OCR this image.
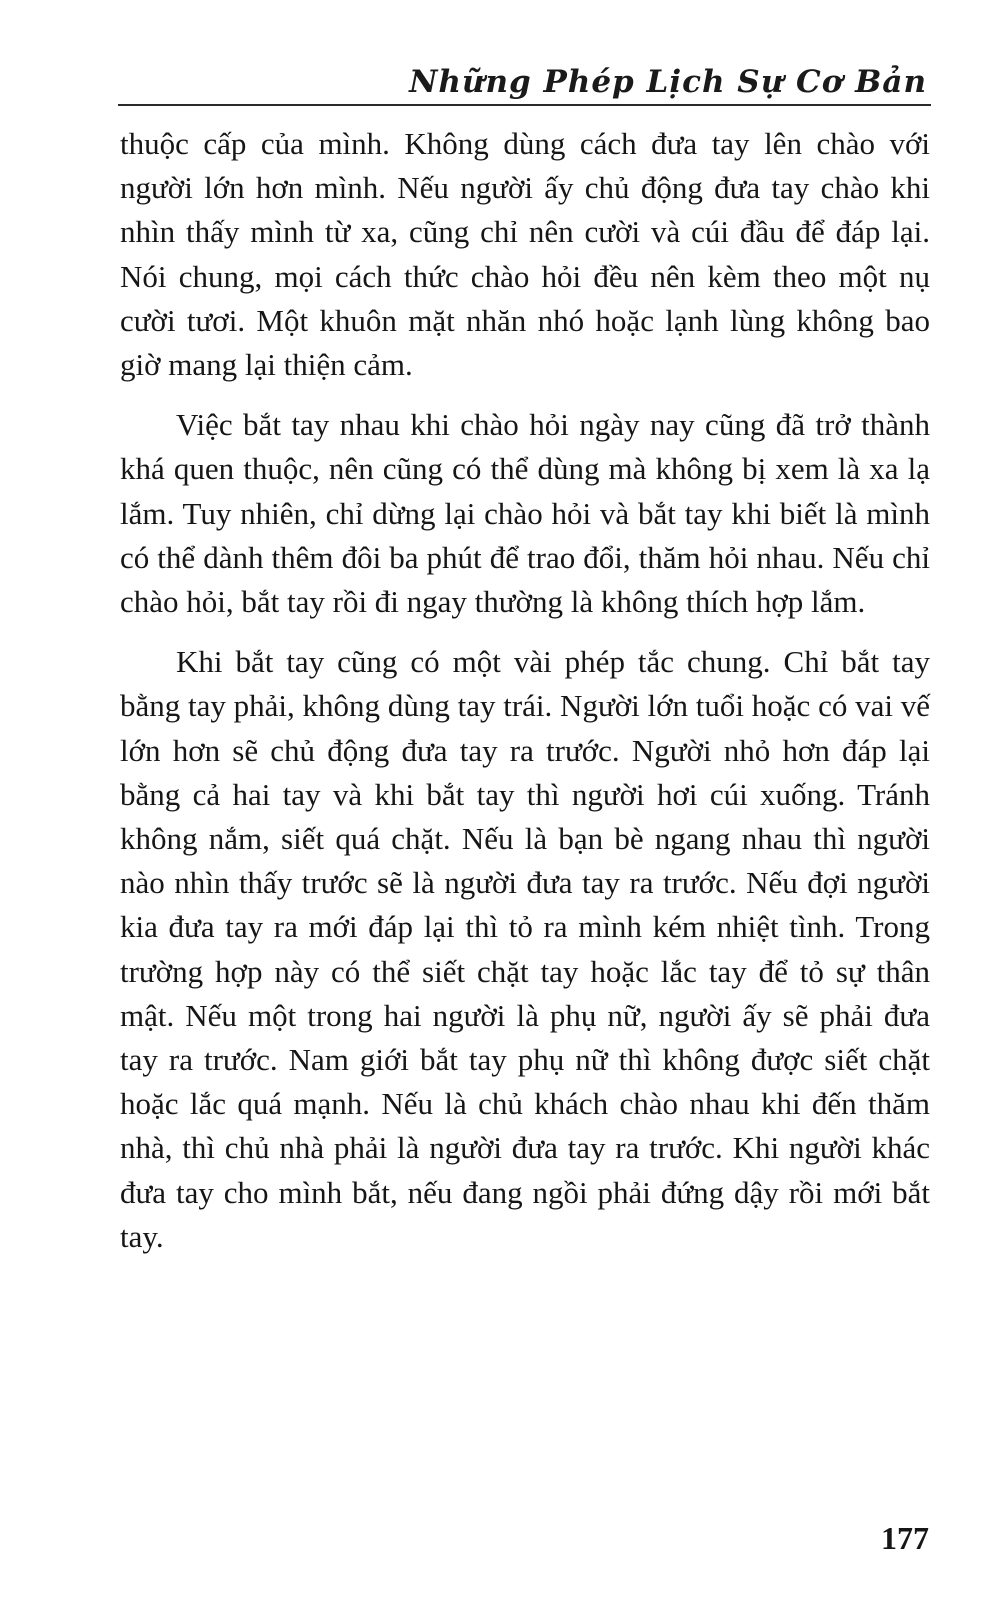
Những Phép Lịch Sự Cơ Bản

thuộc cấp của mình. Không dùng cách đưa tay lên chào với người lớn hơn mình. Nếu người ấy chủ động đưa tay chào khi nhìn thấy mình từ xa, cũng chỉ nên cười và cúi đầu để đáp lại. Nói chung, mọi cách thức chào hỏi đều nên kèm theo một nụ cười tươi. Một khuôn mặt nhăn nhó hoặc lạnh lùng không bao giờ mang lại thiện cảm.

Việc bắt tay nhau khi chào hỏi ngày nay cũng đã trở thành khá quen thuộc, nên cũng có thể dùng mà không bị xem là xa lạ lắm. Tuy nhiên, chỉ dừng lại chào hỏi và bắt tay khi biết là mình có thể dành thêm đôi ba phút để trao đổi, thăm hỏi nhau. Nếu chỉ chào hỏi, bắt tay rồi đi ngay thường là không thích hợp lắm.

Khi bắt tay cũng có một vài phép tắc chung. Chỉ bắt tay bằng tay phải, không dùng tay trái. Người lớn tuổi hoặc có vai vế lớn hơn sẽ chủ động đưa tay ra trước. Người nhỏ hơn đáp lại bằng cả hai tay và khi bắt tay thì người hơi cúi xuống. Tránh không nắm, siết quá chặt. Nếu là bạn bè ngang nhau thì người nào nhìn thấy trước sẽ là người đưa tay ra trước. Nếu đợi người kia đưa tay ra mới đáp lại thì tỏ ra mình kém nhiệt tình. Trong trường hợp này có thể siết chặt tay hoặc lắc tay để tỏ sự thân mật. Nếu một trong hai người là phụ nữ, người ấy sẽ phải đưa tay ra trước. Nam giới bắt tay phụ nữ thì không được siết chặt hoặc lắc quá mạnh. Nếu là chủ khách chào nhau khi đến thăm nhà, thì chủ nhà phải là người đưa tay ra trước. Khi người khác đưa tay cho mình bắt, nếu đang ngồi phải đứng dậy rồi mới bắt tay.

177
